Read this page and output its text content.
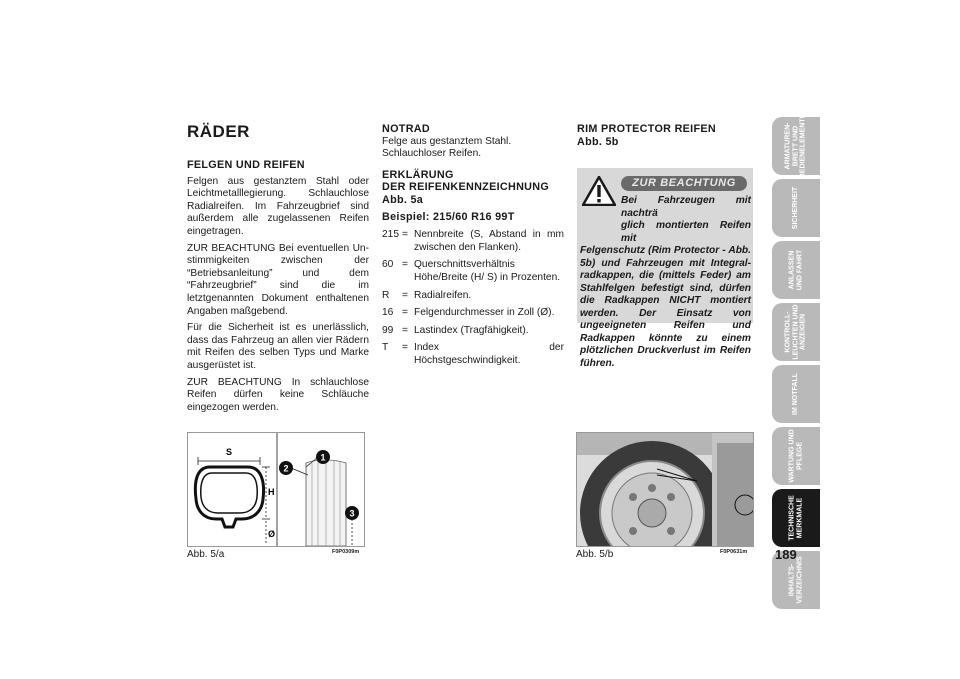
RÄDER
FELGEN UND REIFEN
Felgen aus gestanztem Stahl oder Leichtmetalllegierung. Schlauchlose Radialreifen. Im Fahrzeugbrief sind außerdem alle zugelassenen Reifen eingetragen.
ZUR BEACHTUNG Bei eventuellen Unstimmigkeiten zwischen der “Betriebsanleitung” und dem “Fahrzeugbrief” sind die im letztgenannten Dokument enthaltenen Angaben maßgebend.
Für die Sicherheit ist es unerlässlich, dass das Fahrzeug an allen vier Rädern mit Reifen des selben Typs und Marke ausgerüstet ist.
ZUR BEACHTUNG In schlauchlose Reifen dürfen keine Schläuche eingezogen werden.
NOTRAD
Felge aus gestanztem Stahl. Schlauchloser Reifen.
ERKLÄRUNG
DER REIFENKENNZEICHNUNG
Abb. 5a
Beispiel: 215/60 R16 99T
215 = Nennbreite (S, Abstand in mm zwischen den Flanken).
60 = Querschnittsverhältnis Höhe/Breite (H/ S) in Prozenten.
R	= Radialreifen.
16 = Felgendurchmesser in Zoll (Ø).
99 = Lastindex (Tragfähigkeit).
T	= Index der Höchstgeschwindigkeit.
RIM PROTECTOR REIFEN
Abb. 5b
ZUR BEACHTUNG
Bei Fahrzeugen mit nachträ
glich montierten Reifen mit
Felgenschutz (Rim Protector - Abb. 5b) und Fahrzeugen mit Integralradkappen, die (mittels Feder) am Stahlfelgen befestigt sind, dürfen die Radkappen NICHT montiert werden. Der Einsatz von ungeeigneten Reifen und Radkappen könnte zu einem plötzlichen Druckverlust im Reifen führen.
S
H
Ø
1
2
3
Abb. 5/a	F0P0309m	Abb. 5/b	F0P0631m
ARMATUREN- BRETT UND BEDIENELEMENTE
SICHERHEIT
ANLASSEN UND FAHRT
KONTROLL- LEUCHTEN UND ANZEIGEN
IM NOTFALL
WARTUNG UND PFLEGE
TECHNISCHE MERKMALE
INHALTS- VERZEICHNIS
189
